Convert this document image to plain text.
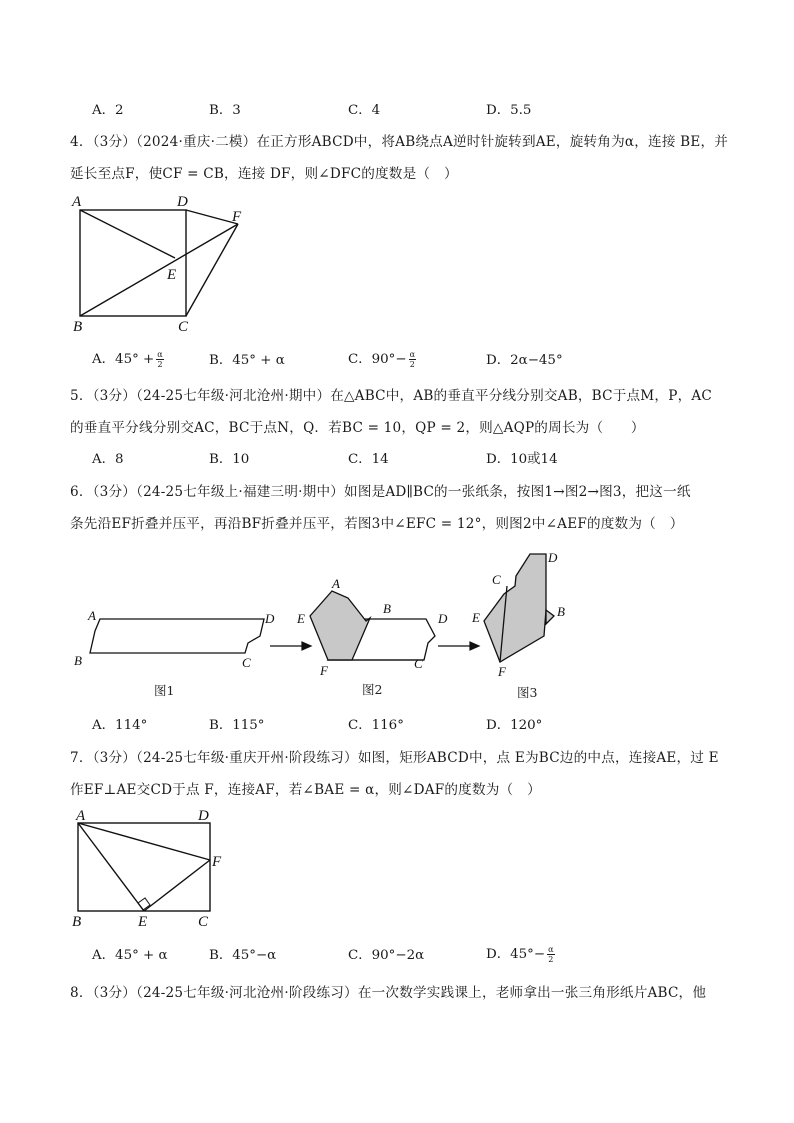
A．2	B．3	C．4	D．5.5
4．（3分）（2024·重庆·二模）在正方形ABCD中，将AB绕点A逆时针旋转到AE，旋转角为α，连接 BE，并
延长至点F，使CF = CB，连接 DF，则∠DFC的度数是（　）
A	D
F
E
B	C
A．$45^\circ + \frac{\alpha}{2}$	B．45° + α	C．$90^\circ- \frac{\alpha}{2}$	D．2α−45°
5．（3分）（24-25七年级·河北沧州·期中）在△ABC中，AB的垂直平分线分别交AB，BC于点M，P，AC
的垂直平分线分别交AC，BC于点N，Q．若BC = 10，QP = 2，则△AQP的周长为（　　）
A．8	B．10	C．14	D．10或14
6．（3分）（24-25七年级上·福建三明·期中）如图是AD∥BC的一张纸条，按图1→图2→图3，把这一纸
条先沿EF折叠并压平，再沿BF折叠并压平，若图3中∠EFC = 12°，则图2中∠AEF的度数为（　）
A	D
B	C
图1
A
B
E	D
F	C
图2
D
C
B
E
F
图3
A．114°	B．115°	C．116°	D．120°
7．（3分）（24-25七年级·重庆开州·阶段练习）如图，矩形ABCD中，点 E为BC边的中点，连接AE，过 E
作EF⊥AE交CD于点 F，连接AF，若∠BAE = α，则∠DAF的度数为（　）
A	D
F
B	E	C
A．45° + α	B．45°−α	C．90°−2α	D．$45^\circ- \frac{\alpha}{2}$
8．（3分）（24-25七年级·河北沧州·阶段练习）在一次数学实践课上，老师拿出一张三角形纸片ABC，他
